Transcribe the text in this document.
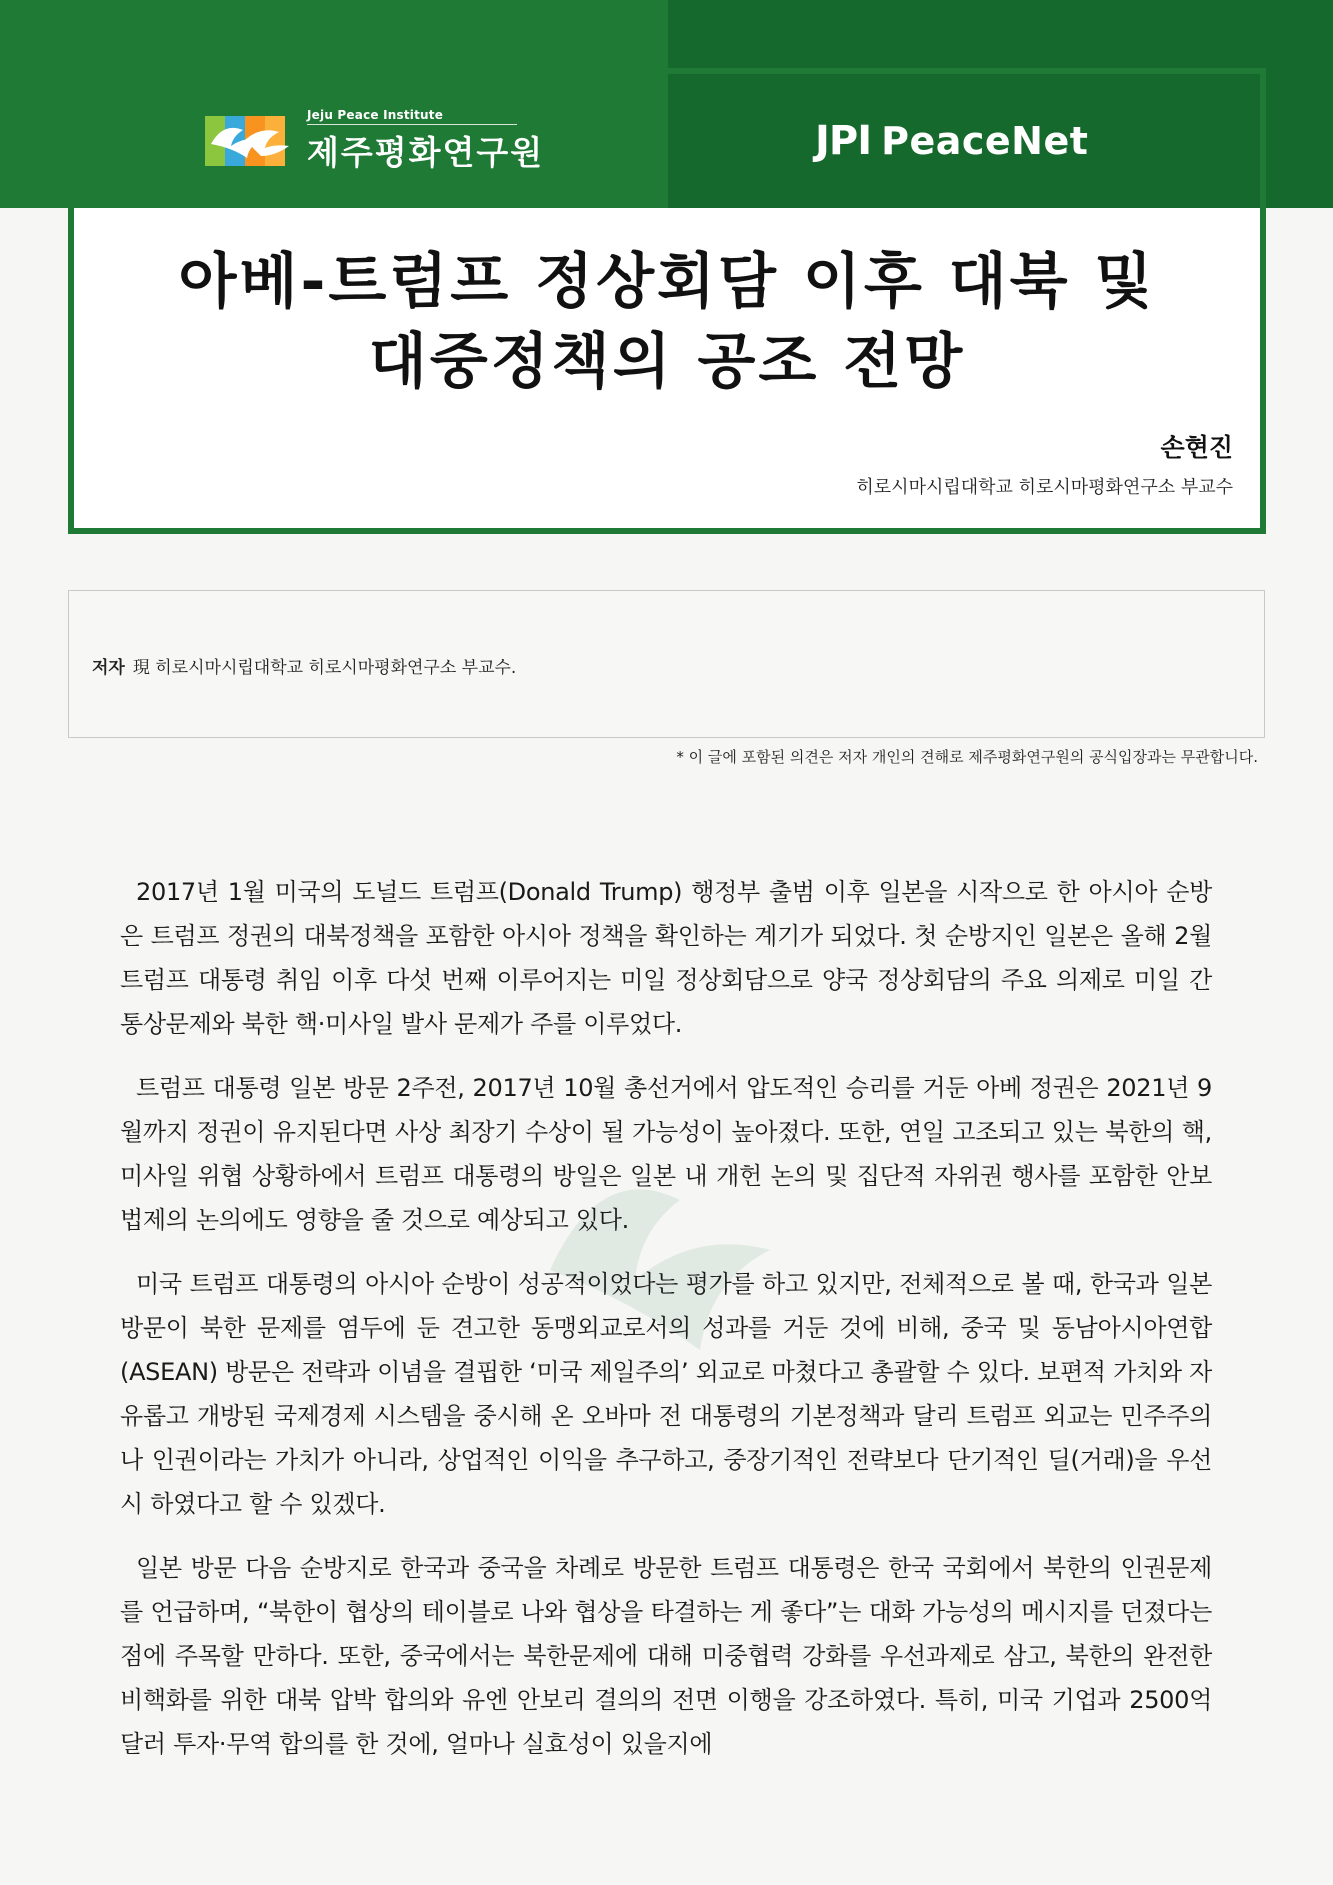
Jeju Peace Institute
제주평화연구원	JPI PeaceNet
아베-트럼프 정상회담 이후 대북 및
대중정책의 공조 전망
손현진
히로시마시립대학교 히로시마평화연구소 부교수
저자 現 히로시마시립대학교 히로시마평화연구소 부교수.
* 이 글에 포함된 의견은 저자 개인의 견해로 제주평화연구원의 공식입장과는 무관합니다.

2017년 1월 미국의 도널드 트럼프(Donald Trump) 행정부 출범 이후 일본을 시작으로 한 아시아 순방은 트럼프 정권의 대북정책을 포함한 아시아 정책을 확인하는 계기가 되었다. 첫 순방지인 일본은 올해 2월 트럼프 대통령 취임 이후 다섯 번째 이루어지는 미일 정상회담으로 양국 정상회담의 주요 의제로 미일 간 통상문제와 북한 핵·미사일 발사 문제가 주를 이루었다.

트럼프 대통령 일본 방문 2주전, 2017년 10월 총선거에서 압도적인 승리를 거둔 아베 정권은 2021년 9월까지 정권이 유지된다면 사상 최장기 수상이 될 가능성이 높아졌다. 또한, 연일 고조되고 있는 북한의 핵, 미사일 위협 상황하에서 트럼프 대통령의 방일은 일본 내 개헌 논의 및 집단적 자위권 행사를 포함한 안보법제의 논의에도 영향을 줄 것으로 예상되고 있다.

미국 트럼프 대통령의 아시아 순방이 성공적이었다는 평가를 하고 있지만, 전체적으로 볼 때, 한국과 일본 방문이 북한 문제를 염두에 둔 견고한 동맹외교로서의 성과를 거둔 것에 비해, 중국 및 동남아시아연합(ASEAN) 방문은 전략과 이념을 결핍한 ‘미국 제일주의’ 외교로 마쳤다고 총괄할 수 있다. 보편적 가치와 자유롭고 개방된 국제경제 시스템을 중시해 온 오바마 전 대통령의 기본정책과 달리 트럼프 외교는 민주주의나 인권이라는 가치가 아니라, 상업적인 이익을 추구하고, 중장기적인 전략보다 단기적인 딜(거래)을 우선시 하였다고 할 수 있겠다.

일본 방문 다음 순방지로 한국과 중국을 차례로 방문한 트럼프 대통령은 한국 국회에서 북한의 인권문제를 언급하며, “북한이 협상의 테이블로 나와 협상을 타결하는 게 좋다”는 대화 가능성의 메시지를 던졌다는 점에 주목할 만하다. 또한, 중국에서는 북한문제에 대해 미중협력 강화를 우선과제로 삼고, 북한의 완전한 비핵화를 위한 대북 압박 합의와 유엔 안보리 결의의 전면 이행을 강조하였다. 특히, 미국 기업과 2500억 달러 투자·무역 합의를 한 것에, 얼마나 실효성이 있을지에
